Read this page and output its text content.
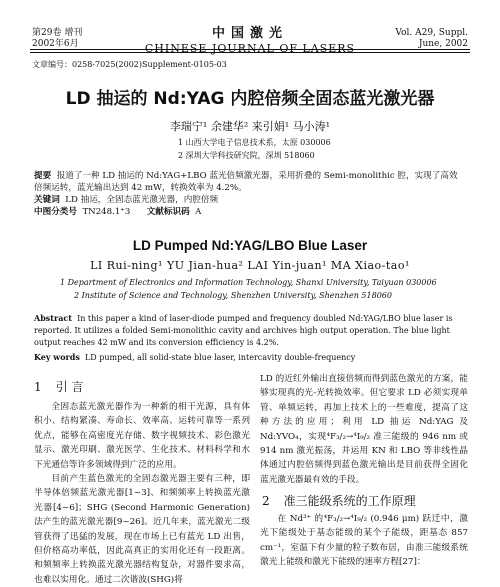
第29卷 增刊
2002年6月
中国激光
CHINESE JOURNAL OF LASERS
Vol. A29, Suppl.
June, 2002
文章编号：0258-7025(2002)Supplement-0105-03
LD 抽运的 Nd:YAG 内腔倍频全固态蓝光激光器
李瑞宁¹ 余建华² 来引娟¹ 马小涛¹
1 山西大学电子信息技术系，太原 030006
2 深圳大学科技研究院，深圳 518060
提要 报道了一种 LD 抽运的 Nd:YAG+LBO 蓝光倍频激光器，采用折叠的 Semi-monolithic 腔，实现了高效倍频运转，蓝光输出达到 42 mW，转换效率为 4.2%。
关键词 LD 抽运，全固态蓝光激光器，内腔倍频
中图分类号 TN248.1⁺3 文献标识码 A
LD Pumped Nd:YAG/LBO Blue Laser
LI Rui-ning¹ YU Jian-hua² LAI Yin-juan¹ MA Xiao-tao¹
1 Department of Electronics and Information Technology, Shanxi University, Taiyuan 030006
2 Institute of Science and Technology, Shenzhen University, Shenzhen 518060
Abstract In this paper a kind of laser-diode pumped and frequency doubled Nd:YAG/LBO blue laser is reported. It utilizes a folded Semi-monolithic cavity and archives high output operation. The blue light output reaches 42 mW and its conversion efficiency is 4.2%.
Key words LD pumped, all solid-state blue laser, intercavity double-frequency
1 引 言

全固态蓝光激光器作为一种新的相干光源，具有体积小、结构紧凑、寿命长、效率高、运转可靠等一系列优点，能够在高密度光存储、数字视频技术、彩色激光显示、激光印刷、激光医学、生化技术、材料科学和水下光通信等许多领域得到广泛的应用。

目前产生蓝色激光的全固态激光器主要有三种，即半导体倍频蓝光激光器[1~3]、和频频率上转换蓝光激光器[4~6]；SHG (Second Harmonic Generation) 法产生的蓝光激光器[9~26]。近几年来，蓝光激光二级管获得了迅猛的发展，现在市场上已有蓝光 LD 出售，但价格高功率低，因此高真正的实用化还有一段距离。和频频率上转换蓝光激光器结构复杂，对器件要求高，也难以实用化。通过二次谐波(SHG)将

LD 的近红外输出直接倍频而得到蓝色激光的方案，能够实现真的光-光转换效率。但它要求 LD 必须实现单管、单频运转，再加上技术上的一些难度，提高了这种方法的应用；利用 LD 抽运 Nd:YAG 及 Nd:YVO₄，实现⁴F₃/₂→⁴I₉/₂ 准三能级的 946 nm 或 914 nm 激光振荡，并运用 KN 和 LBO 等非线性晶体通过内腔倍频得到蓝色激光输出是目前获得全固化蓝光激光器最有效的手段。

2 准三能级系统的工作原理

在 Nd³⁺ 的⁴F₃/₂→⁴I₉/₂ (0.946 μm) 跃迁中，激光下能级处于基态能级的某个子能级，距基态 857 cm⁻¹，室温下有少量的粒子数布居，由准三能级系统激光上能级和激光下能级的速率方程[27]：
